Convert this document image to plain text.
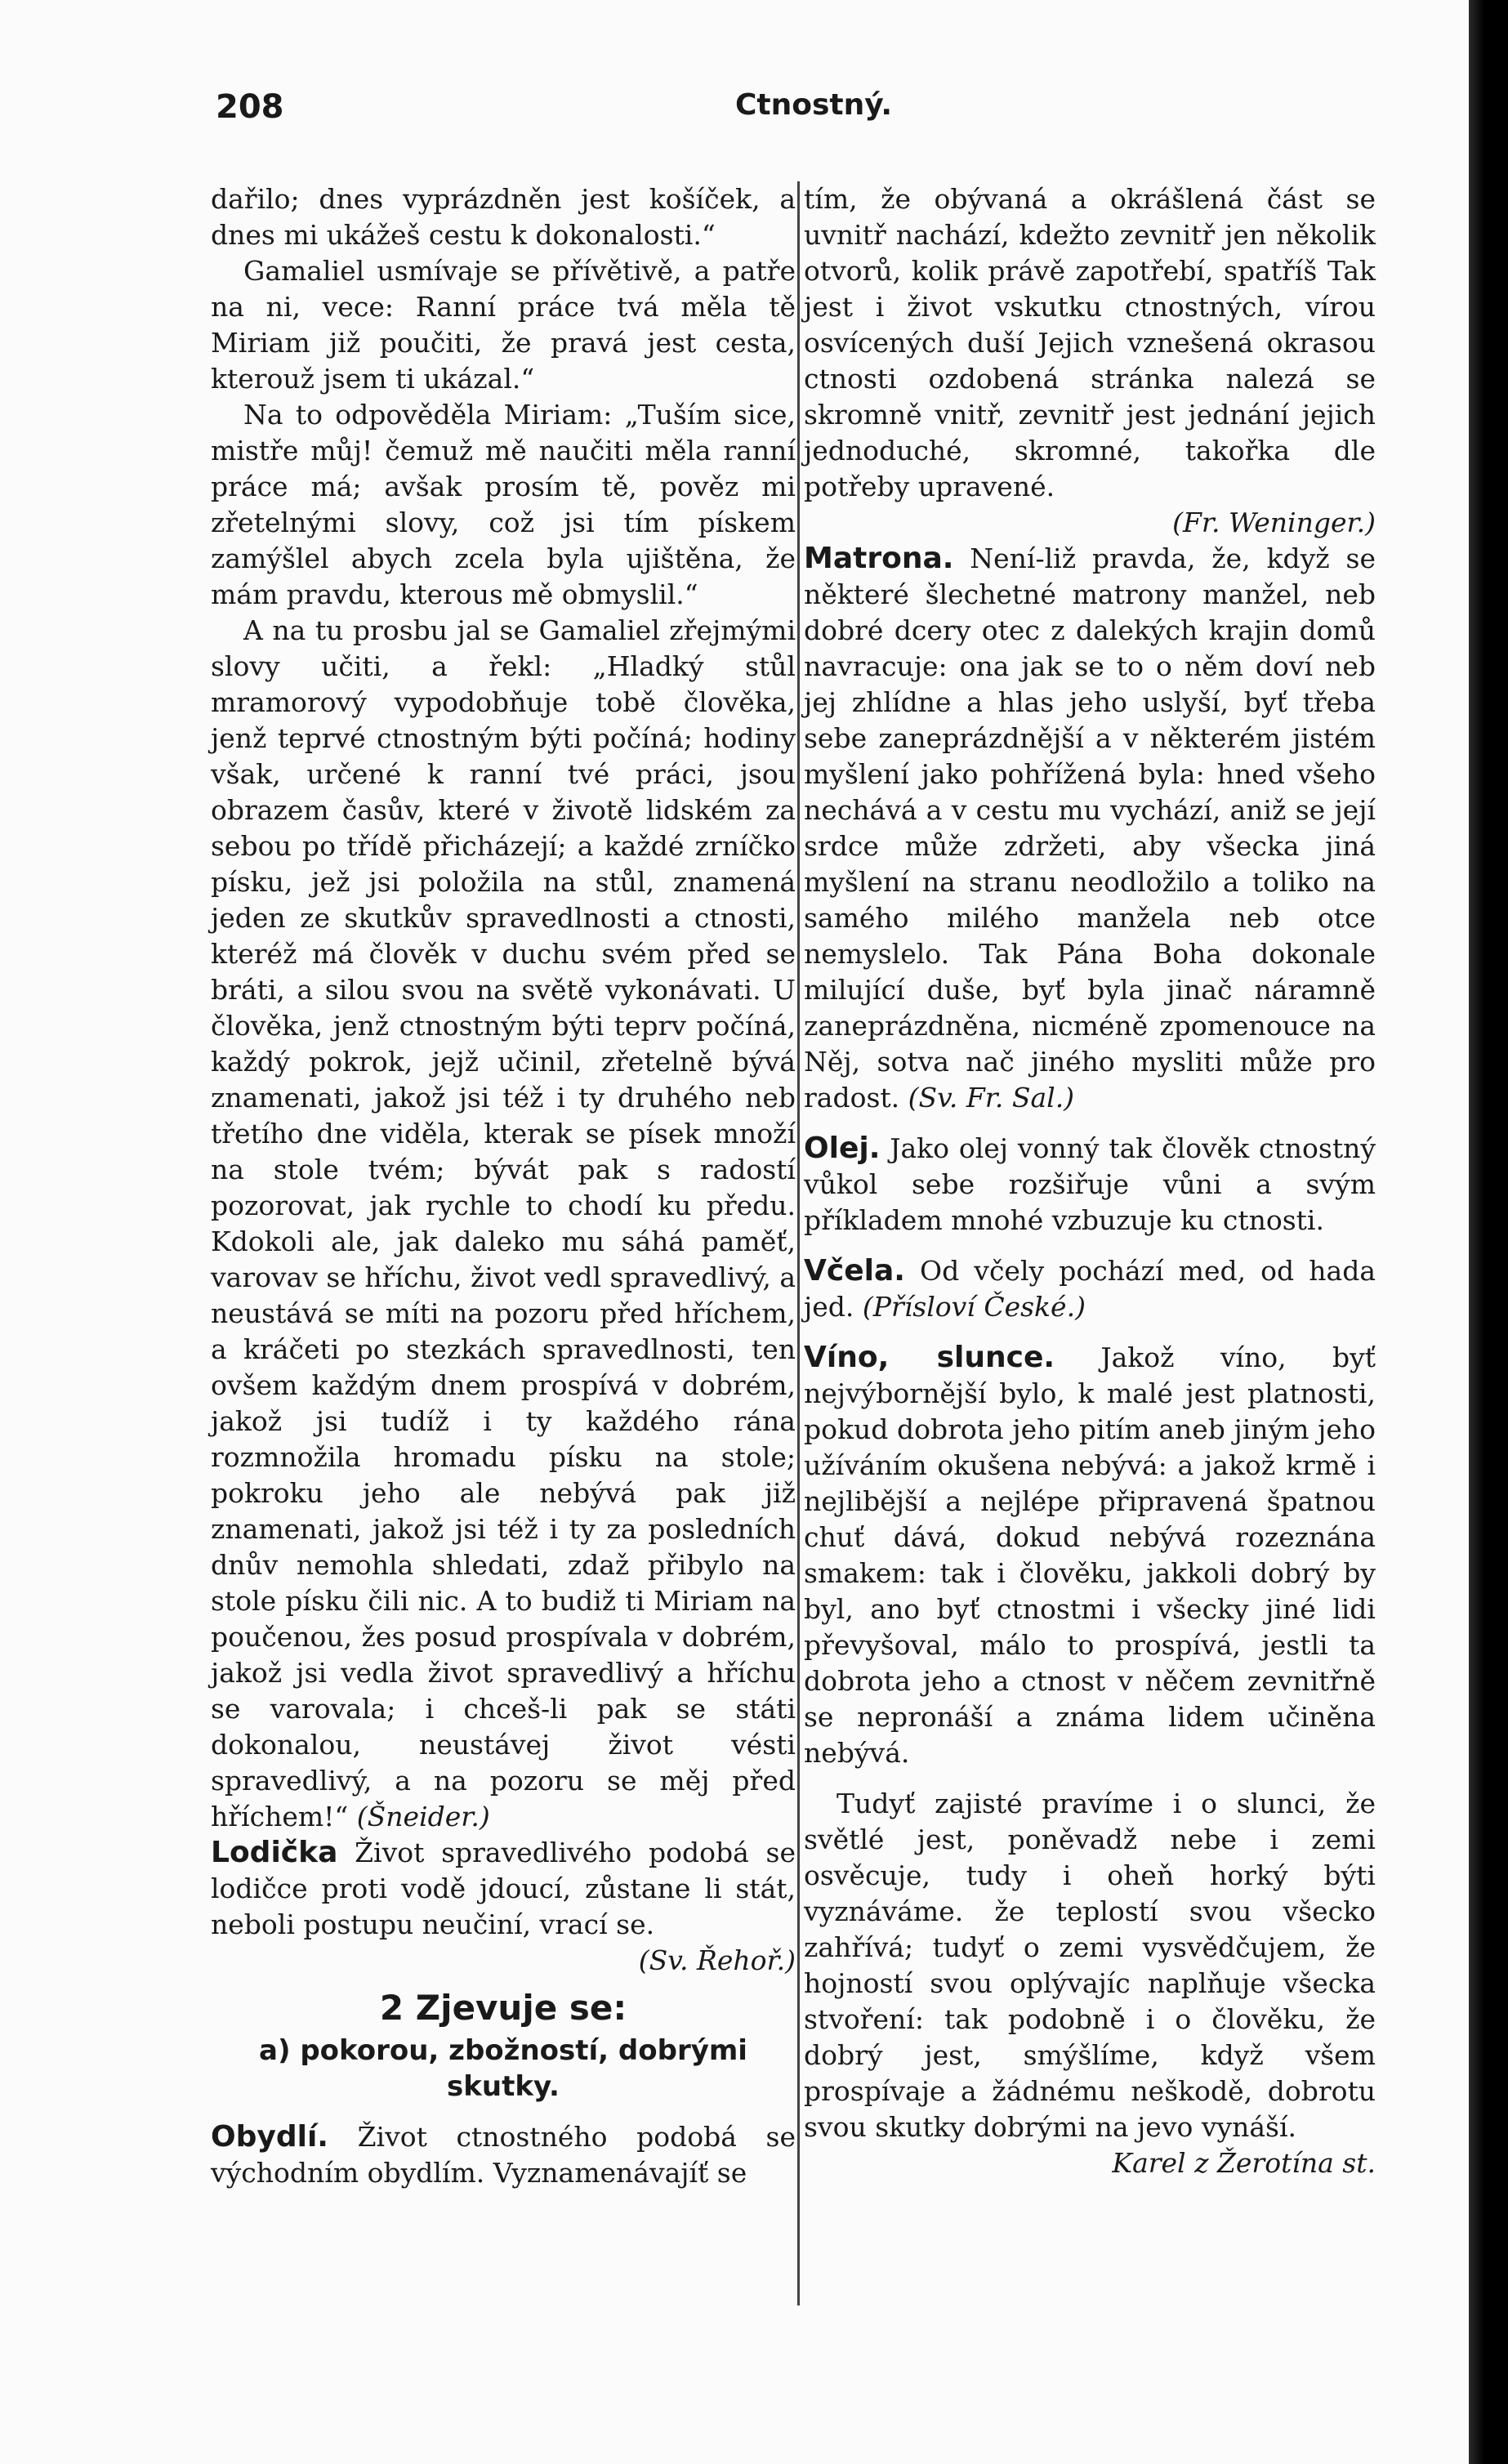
208	Ctnostný.

dařilo; dnes vyprázdněn jest košíček, a dnes mi ukážeš cestu k dokonalosti.“

Gamaliel usmívaje se přívětivě, a patře na ni, vece: Ranní práce tvá měla tě Miriam již poučiti, že pravá jest cesta, kterouž jsem ti ukázal.“

Na to odpověděla Miriam: „Tuším sice, mistře můj! čemuž mě naučiti měla ranní práce má; avšak prosím tě, pověz mi zřetelnými slovy, což jsi tím pískem zamýšlel abych zcela byla ujištěna, že mám pravdu, kterous mě obmyslil.“

A na tu prosbu jal se Gamaliel zřejmými slovy učiti, a řekl: „Hladký stůl mramorový vypodobňuje tobě člověka, jenž teprvé ctnostným býti počíná; hodiny však, určené k ranní tvé práci, jsou obrazem časův, které v životě lidském za sebou po třídě přicházejí; a každé zrníčko písku, jež jsi položila na stůl, znamená jeden ze skutkův spravedlnosti a ctnosti, kteréž má člověk v duchu svém před se bráti, a silou svou na světě vykonávati. U člověka, jenž ctnostným býti teprv počíná, každý pokrok, jejž učinil, zřetelně bývá znamenati, jakož jsi též i ty druhého neb třetího dne viděla, kterak se písek množí na stole tvém; bývát pak s radostí pozorovat, jak rychle to chodí ku předu. Kdokoli ale, jak daleko mu sáhá paměť, varovav se hříchu, život vedl spravedlivý, a neustává se míti na pozoru před hříchem, a kráčeti po stezkách spravedlnosti, ten ovšem každým dnem prospívá v dobrém, jakož jsi tudíž i ty každého rána rozmnožila hromadu písku na stole; pokroku jeho ale nebývá pak již znamenati, jakož jsi též i ty za posledních dnův nemohla shledati, zdaž přibylo na stole písku čili nic. A to budiž ti Miriam na poučenou, žes posud prospívala v dobrém, jakož jsi vedla život spravedlivý a hříchu se varovala; i chceš-li pak se státi dokonalou, neustávej život vésti spravedlivý, a na pozoru se měj před hříchem!“ (Šneider.)

Lodička Život spravedlivého podobá se lodičce proti vodě jdoucí, zůstane li stát, neboli postupu neučiní, vrací se.

(Sv. Řehoř.)

2 Zjevuje se:
a) pokorou, zbožností, dobrými skutky.

Obydlí. Život ctnostného podobá se východním obydlím. Vyznamenávajíť se

tím, že obývaná a okrášlená část se uvnitř nachází, kdežto zevnitř jen několik otvorů, kolik právě zapotřebí, spatříš Tak jest i život vskutku ctnostných, vírou osvícených duší Jejich vznešená okrasou ctnosti ozdobená stránka nalezá se skromně vnitř, zevnitř jest jednání jejich jednoduché, skromné, takořka dle potřeby upravené.

(Fr. Weninger.)

Matrona. Není-liž pravda, že, když se některé šlechetné matrony manžel, neb dobré dcery otec z dalekých krajin domů navracuje: ona jak se to o něm doví neb jej zhlídne a hlas jeho uslyší, byť třeba sebe zaneprázdnější a v některém jistém myšlení jako pohřížená byla: hned všeho nechává a v cestu mu vychází, aniž se její srdce může zdržeti, aby všecka jiná myšlení na stranu neodložilo a toliko na samého milého manžela neb otce nemyslelo. Tak Pána Boha dokonale milující duše, byť byla jinač náramně zaneprázdněna, nicméně zpomenouce na Něj, sotva nač jiného mysliti může pro radost. (Sv. Fr. Sal.)

Olej. Jako olej vonný tak člověk ctnostný vůkol sebe rozšiřuje vůni a svým příkladem mnohé vzbuzuje ku ctnosti.

Včela. Od včely pochází med, od hada jed. (Přísloví České.)

Víno, slunce. Jakož víno, byť nejvýbornější bylo, k malé jest platnosti, pokud dobrota jeho pitím aneb jiným jeho užíváním okušena nebývá: a jakož krmě i nejlibější a nejlépe připravená špatnou chuť dává, dokud nebývá rozeznána smakem: tak i člověku, jakkoli dobrý by byl, ano byť ctnostmi i všecky jiné lidi převyšoval, málo to prospívá, jestli ta dobrota jeho a ctnost v něčem zevnitřně se nepronáší a známa lidem učiněna nebývá.

Tudyť zajisté pravíme i o slunci, že světlé jest, poněvadž nebe i zemi osvěcuje, tudy i oheň horký býti vyznáváme. že teplostí svou všecko zahřívá; tudyť o zemi vysvědčujem, že hojností svou oplývajíc naplňuje všecka stvoření: tak podobně i o člověku, že dobrý jest, smýšlíme, když všem prospívaje a žádnému neškodě, dobrotu svou skutky dobrými na jevo vynáší.

Karel z Žerotína st.
